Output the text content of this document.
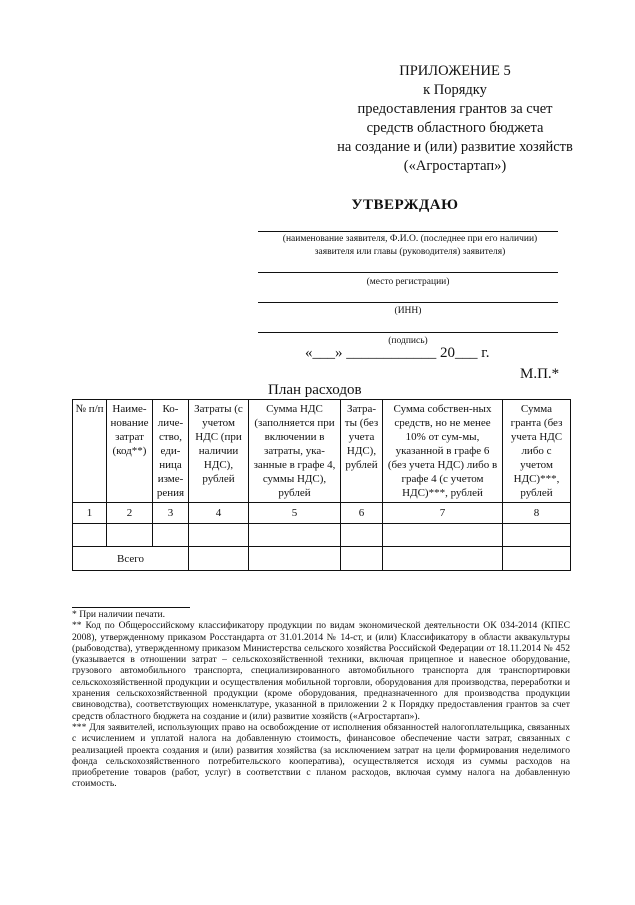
ПРИЛОЖЕНИЕ 5
к Порядку
предоставления грантов за счет
средств областного бюджета
на создание и (или) развитие хозяйств
(«Агростартап»)
УТВЕРЖДАЮ
(наименование заявителя, Ф.И.О. (последнее при его наличии)
заявителя или главы (руководителя) заявителя)
(место регистрации)
(ИНН)
(подпись)
«___» ____________ 20___ г.
М.П.*
План расходов
№ п/п	Наиме-нование затрат (код**)	Ко-личе-ство, еди-ница изме-рения	Затраты (с учетом НДС (при наличии НДС), рублей	Сумма НДС (заполняется при включении в затраты, ука-занные в графе 4, суммы НДС), рублей	Затра-ты (без учета НДС), рублей	Сумма собствен-ных средств, но не менее 10% от сум-мы, указанной в графе 6 (без учета НДС) либо в графе 4 (с учетом НДС)***, рублей	Сумма гранта (без учета НДС либо с учетом НДС)***, рублей
1	2	3	4	5	6	7	8

Всего							

* При наличии печати.

** Код по Общероссийскому классификатору продукции по видам экономической деятельности ОК 034-2014 (КПЕС 2008), утвержденному приказом Росстандарта от 31.01.2014 № 14-ст, и (или) Классификатору в области аквакультуры (рыбоводства), утвержденному приказом Министерства сельского хозяйства Российской Федерации от 18.11.2014 № 452 (указывается в отношении затрат – сельскохозяйственной техники, включая прицепное и навесное оборудование, грузового автомобильного транспорта, специализированного автомобильного транспорта для транспортировки сельскохозяйственной продукции и осуществления мобильной торговли, оборудования для производства, переработки и хранения сельскохозяйственной продукции (кроме оборудования, предназначенного для производства продукции свиноводства), соответствующих номенклатуре, указанной в приложении 2 к Порядку предоставления грантов за счет средств областного бюджета на создание и (или) развитие хозяйств («Агростартап»).

*** Для заявителей, использующих право на освобождение от исполнения обязанностей налогоплательщика, связанных с исчислением и уплатой налога на добавленную стоимость, финансовое обеспечение части затрат, связанных с реализацией проекта создания и (или) развития хозяйства (за исключением затрат на цели формирования неделимого фонда сельскохозяйственного потребительского кооператива), осуществляется исходя из суммы расходов на приобретение товаров (работ, услуг) в соответствии с планом расходов, включая сумму налога на добавленную стоимость.
